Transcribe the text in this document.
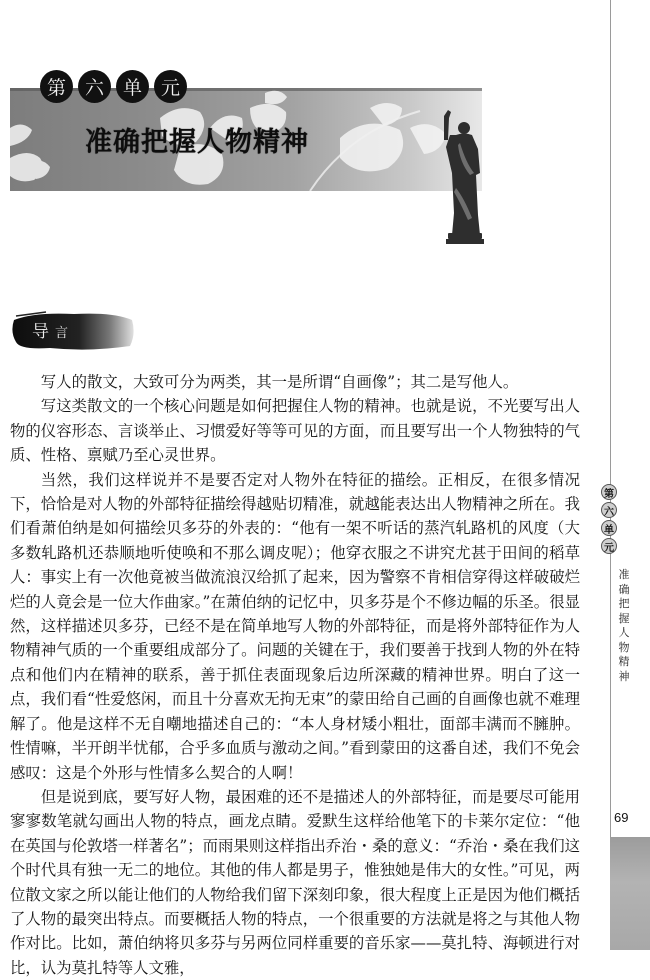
第 六 单 元
准确把握人物精神
导 言

写人的散文，大致可分为两类，其一是所谓“自画像”；其二是写他人。

写这类散文的一个核心问题是如何把握住人物的精神。也就是说，不光要写出人物的仪容形态、言谈举止、习惯爱好等等可见的方面，而且要写出一个人物独特的气质、性格、禀赋乃至心灵世界。

当然，我们这样说并不是要否定对人物外在特征的描绘。正相反，在很多情况下，恰恰是对人物的外部特征描绘得越贴切精准，就越能表达出人物精神之所在。我们看萧伯纳是如何描绘贝多芬的外表的：“他有一架不听话的蒸汽轧路机的风度（大多数轧路机还恭顺地听使唤和不那么调皮呢）；他穿衣服之不讲究尤甚于田间的稻草人：事实上有一次他竟被当做流浪汉给抓了起来，因为警察不肯相信穿得这样破破烂烂的人竟会是一位大作曲家。”在萧伯纳的记忆中，贝多芬是个不修边幅的乐圣。很显然，这样描述贝多芬，已经不是在简单地写人物的外部特征，而是将外部特征作为人物精神气质的一个重要组成部分了。问题的关键在于，我们要善于找到人物的外在特点和他们内在精神的联系，善于抓住表面现象后边所深藏的精神世界。明白了这一点，我们看“性爱悠闲，而且十分喜欢无拘无束”的蒙田给自己画的自画像也就不难理解了。他是这样不无自嘲地描述自己的：“本人身材矮小粗壮，面部丰满而不臃肿。性情嘛，半开朗半忧郁，合乎多血质与激动之间。”看到蒙田的这番自述，我们不免会感叹：这是个外形与性情多么契合的人啊！

但是说到底，要写好人物，最困难的还不是描述人的外部特征，而是要尽可能用寥寥数笔就勾画出人物的特点，画龙点睛。爱默生这样给他笔下的卡莱尔定位：“他在英国与伦敦塔一样著名”；而雨果则这样指出乔治・桑的意义：“乔治・桑在我们这个时代具有独一无二的地位。其他的伟人都是男子，惟独她是伟大的女性。”可见，两位散文家之所以能让他们的人物给我们留下深刻印象，很大程度上正是因为他们概括了人物的最突出特点。而要概括人物的特点，一个很重要的方法就是将之与其他人物作对比。比如，萧伯纳将贝多芬与另两位同样重要的音乐家——莫扎特、海顿进行对比，认为莫扎特等人文雅，

第
六
单
元
准
确
把
握
人
物
精
神
69
